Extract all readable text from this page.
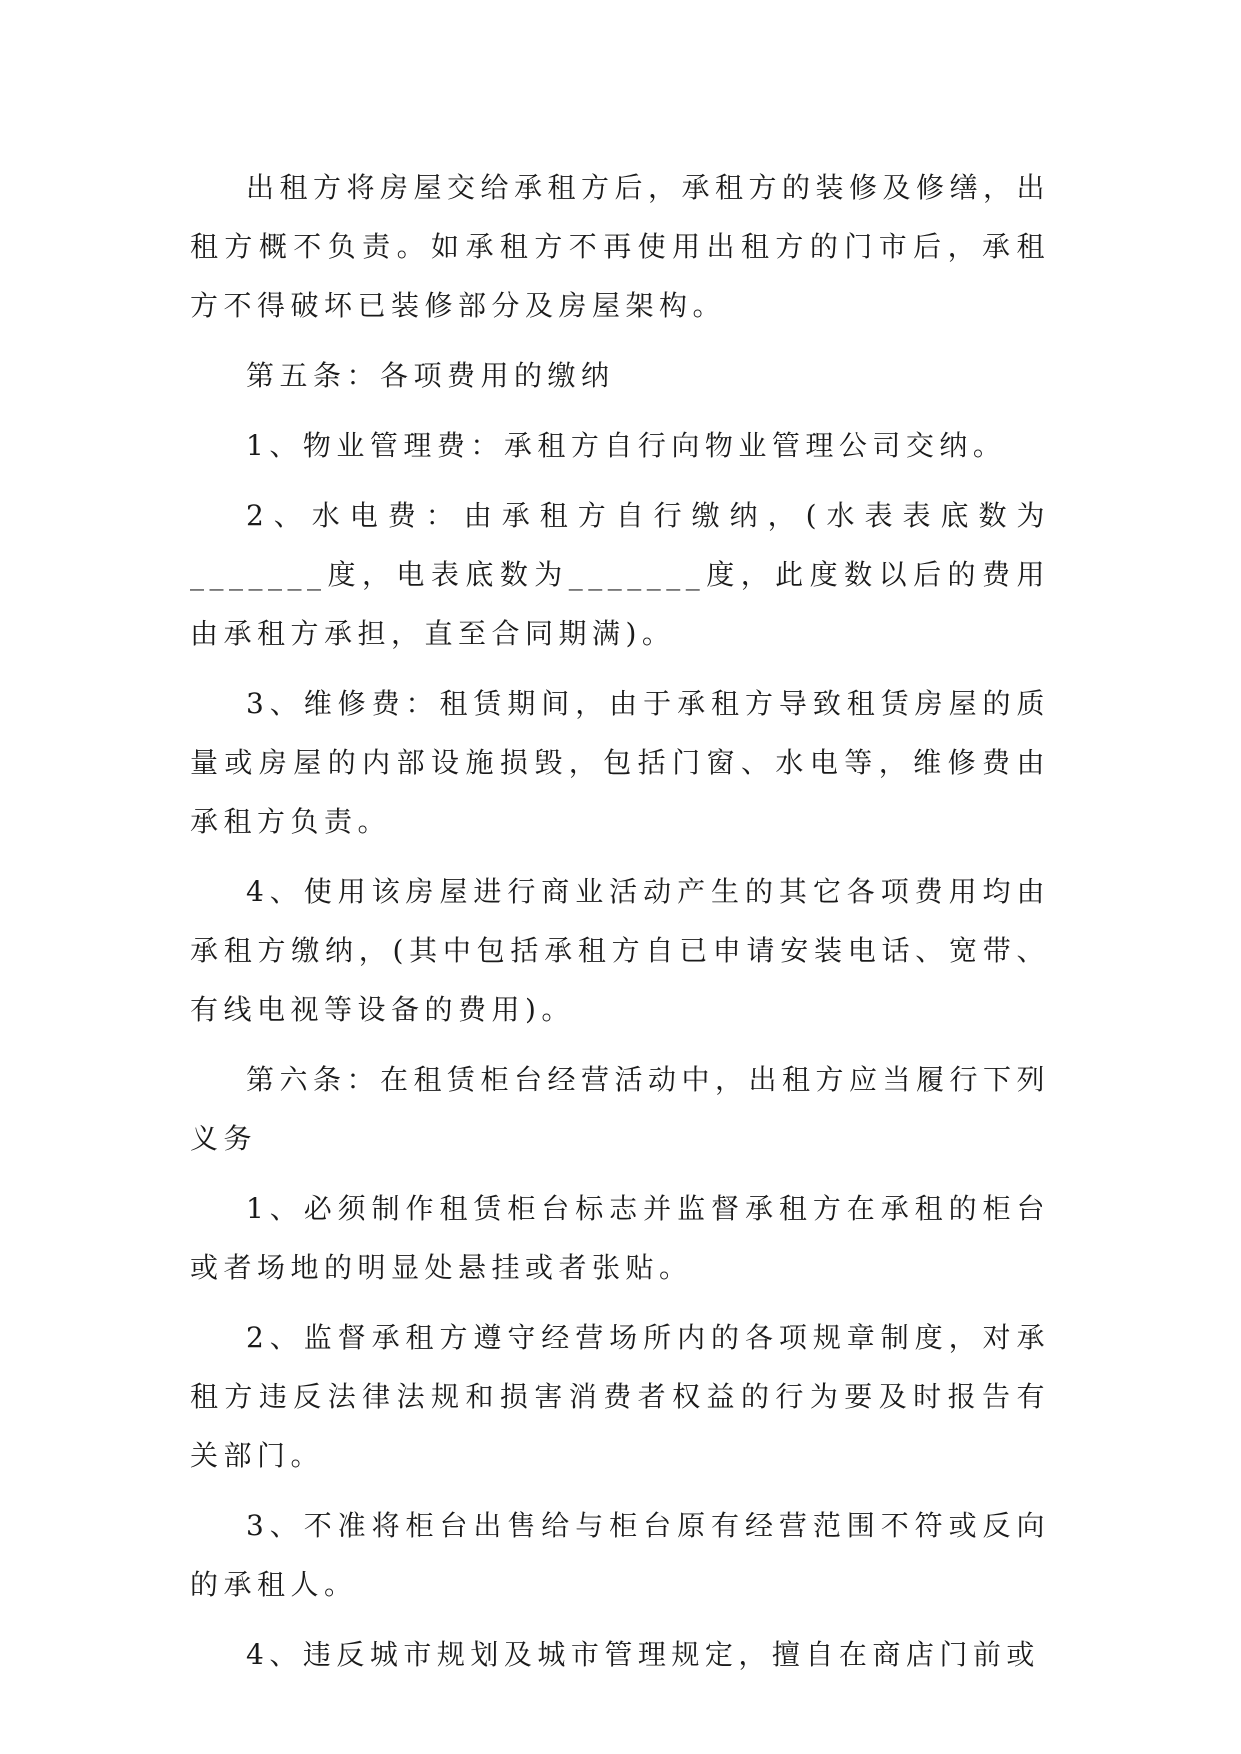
出租方将房屋交给承租方后，承租方的装修及修缮，出租方概不负责。如承租方不再使用出租方的门市后，承租方不得破坏已装修部分及房屋架构。

第五条：各项费用的缴纳

1、物业管理费：承租方自行向物业管理公司交纳。

2、水电费：由承租方自行缴纳，(水表表底数为_______度，电表底数为_______度，此度数以后的费用由承租方承担，直至合同期满)。

3、维修费：租赁期间，由于承租方导致租赁房屋的质量或房屋的内部设施损毁，包括门窗、水电等，维修费由承租方负责。

4、使用该房屋进行商业活动产生的其它各项费用均由承租方缴纳，(其中包括承租方自已申请安装电话、宽带、有线电视等设备的费用)。

第六条：在租赁柜台经营活动中，出租方应当履行下列义务

1、必须制作租赁柜台标志并监督承租方在承租的柜台或者场地的明显处悬挂或者张贴。

2、监督承租方遵守经营场所内的各项规章制度，对承租方违反法律法规和损害消费者权益的行为要及时报告有关部门。

3、不准将柜台出售给与柜台原有经营范围不符或反向的承租人。

4、违反城市规划及城市管理规定，擅自在商店门前或
